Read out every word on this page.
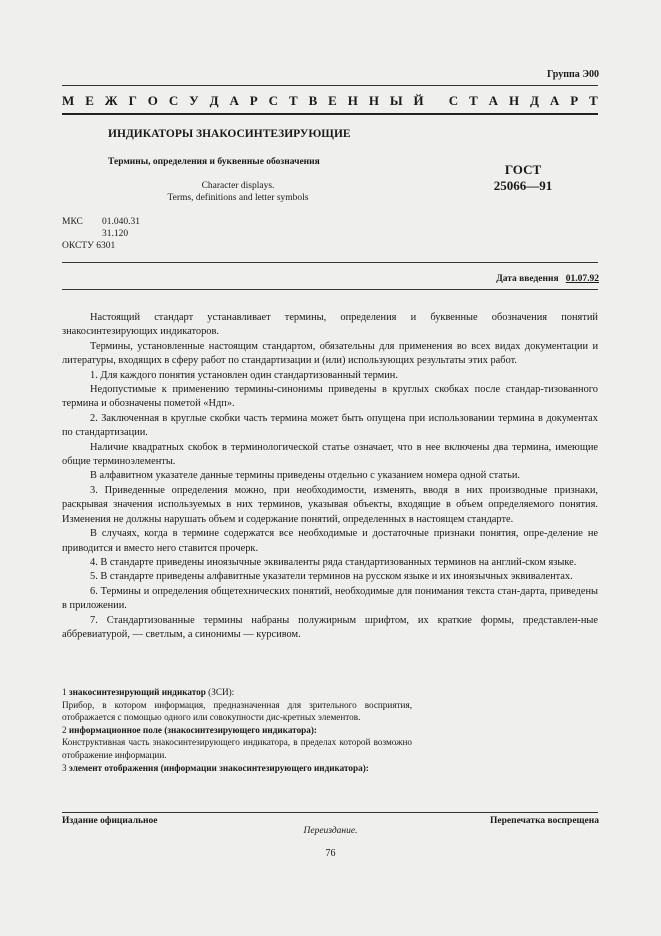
Группа Э00
М Е Ж Г О С У Д А Р С Т В Е Н Н Ы Й
С Т А Н Д А Р Т
ИНДИКАТОРЫ ЗНАКОСИНТЕЗИРУЮЩИЕ
Термины, определения и буквенные обозначения
Character displays.
Terms, definitions and letter symbols
ГОСТ
25066—91
МКС	01.040.31
31.120
ОКСТУ 6301
Дата введения 01.07.92

Настоящий стандарт устанавливает термины, определения и буквенные обозначения понятий знакосинтезирующих индикаторов.

Термины, установленные настоящим стандартом, обязательны для применения во всех видах документации и литературы, входящих в сферу работ по стандартизации и (или) использующих результаты этих работ.

1. Для каждого понятия установлен один стандартизованный термин.

Недопустимые к применению термины-синонимы приведены в круглых скобках после стандар-тизованного термина и обозначены пометой «Ндп».

2. Заключенная в круглые скобки часть термина может быть опущена при использовании термина в документах по стандартизации.

Наличие квадратных скобок в терминологической статье означает, что в нее включены два термина, имеющие общие терминоэлементы.

В алфавитном указателе данные термины приведены отдельно с указанием номера одной статьи.

3. Приведенные определения можно, при необходимости, изменять, вводя в них производные признаки, раскрывая значения используемых в них терминов, указывая объекты, входящие в объем определяемого понятия. Изменения не должны нарушать объем и содержание понятий, определенных в настоящем стандарте.

В случаях, когда в термине содержатся все необходимые и достаточные признаки понятия, опре-деление не приводится и вместо него ставится прочерк.

4. В стандарте приведены иноязычные эквиваленты ряда стандартизованных терминов на англий-ском языке.

5. В стандарте приведены алфавитные указатели терминов на русском языке и их иноязычных эквивалентах.

6. Термины и определения общетехнических понятий, необходимые для понимания текста стан-дарта, приведены в приложении.

7. Стандартизованные термины набраны полужирным шрифтом, их краткие формы, представлен-ные аббревиатурой, — светлым, а синонимы — курсивом.

1 знакосинтезирующий индикатор (ЗСИ):

Прибор, в котором информация, предназначенная для зрительного восприятия, отображается с помощью одного или совокупности дис-кретных элементов.

2 информационное поле (знакосинтезирующего индикатора):

Конструктивная часть знакосинтезирующего индикатора, в пределах которой возможно отображение информации.

3 элемент отображения (информации знакосинтезирующего индикатора):

Издание официальное	Перепечатка воспрещена
Переиздание.
76
